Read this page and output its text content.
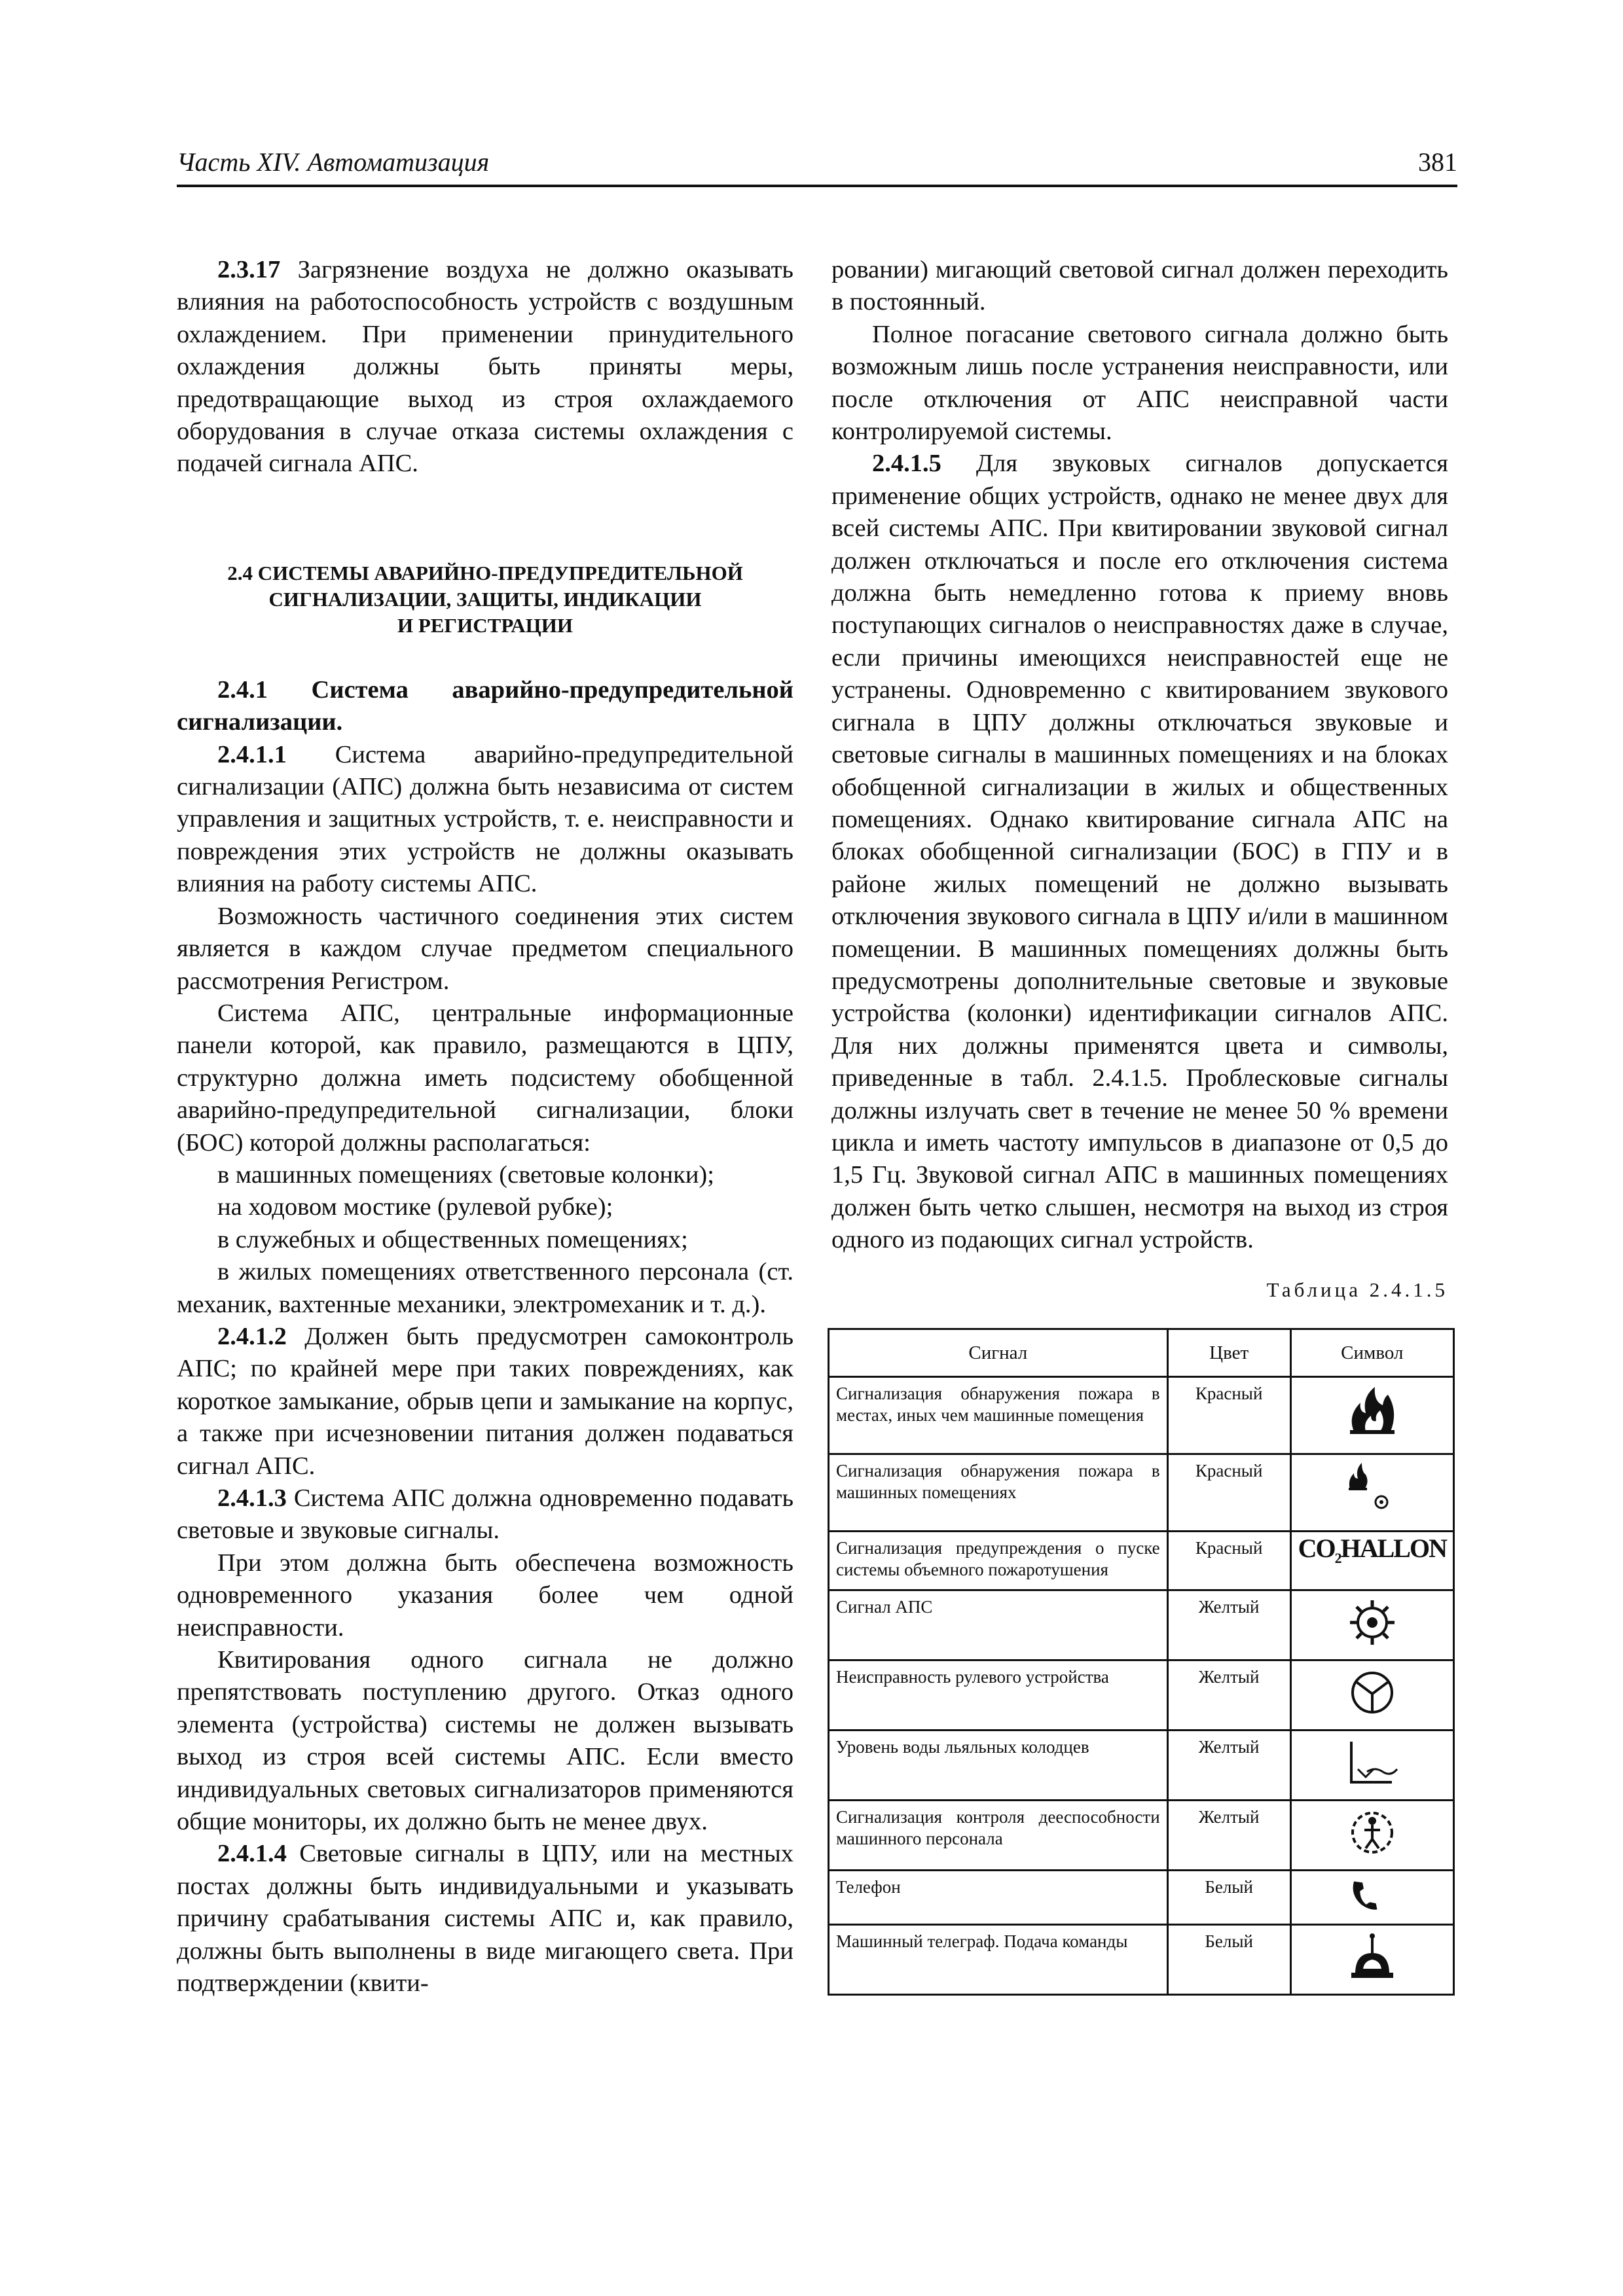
Часть XIV. Автоматизация	381

2.3.17 Загрязнение воздуха не должно оказывать влияния на работоспособность устройств с воздушным охлаждением. При применении принудительного охлаждения должны быть приняты меры, предотвращающие выход из строя охлаждаемого оборудования в случае отказа системы охлаждения с подачей сигнала АПС.

2.4 СИСТЕМЫ АВАРИЙНО-ПРЕДУПРЕДИТЕЛЬНОЙ
СИГНАЛИЗАЦИИ, ЗАЩИТЫ, ИНДИКАЦИИ
И РЕГИСТРАЦИИ

2.4.1 Система аварийно-предупредительной сигнализации.

2.4.1.1 Система аварийно-предупредительной сигнализации (АПС) должна быть независима от систем управления и защитных устройств, т. е. неисправности и повреждения этих устройств не должны оказывать влияния на работу системы АПС.

Возможность частичного соединения этих систем является в каждом случае предметом специального рассмотрения Регистром.

Система АПС, центральные информационные панели которой, как правило, размещаются в ЦПУ, структурно должна иметь подсистему обобщенной аварийно-предупредительной сигнализации, блоки (БОС) которой должны располагаться:

в машинных помещениях (световые колонки);

на ходовом мостике (рулевой рубке);

в служебных и общественных помещениях;

в жилых помещениях ответственного персонала (ст. механик, вахтенные механики, электромеханик и т. д.).

2.4.1.2 Должен быть предусмотрен самоконтроль АПС; по крайней мере при таких повреждениях, как короткое замыкание, обрыв цепи и замыкание на корпус, а также при исчезновении питания должен подаваться сигнал АПС.

2.4.1.3 Система АПС должна одновременно подавать световые и звуковые сигналы.

При этом должна быть обеспечена возможность одновременного указания более чем одной неисправности.

Квитирования одного сигнала не должно препятствовать поступлению другого. Отказ одного элемента (устройства) системы не должен вызывать выход из строя всей системы АПС. Если вместо индивидуальных световых сигнализаторов применяются общие мониторы, их должно быть не менее двух.

2.4.1.4 Световые сигналы в ЦПУ, или на местных постах должны быть индивидуальными и указывать причину срабатывания системы АПС и, как правило, должны быть выполнены в виде мигающего света. При подтверждении (квити-

ровании) мигающий световой сигнал должен переходить в постоянный.

Полное погасание светового сигнала должно быть возможным лишь после устранения неисправности, или после отключения от АПС неисправной части контролируемой системы.

2.4.1.5 Для звуковых сигналов допускается применение общих устройств, однако не менее двух для всей системы АПС. При квитировании звуковой сигнал должен отключаться и после его отключения система должна быть немедленно готова к приему вновь поступающих сигналов о неисправностях даже в случае, если причины имеющихся неисправностей еще не устранены. Одновременно с квитированием звукового сигнала в ЦПУ должны отключаться звуковые и световые сигналы в машинных помещениях и на блоках обобщенной сигнализации в жилых и общественных помещениях. Однако квитирование сигнала АПС на блоках обобщенной сигнализации (БОС) в ГПУ и в районе жилых помещений не должно вызывать отключения звукового сигнала в ЦПУ и/или в машинном помещении. В машинных помещениях должны быть предусмотрены дополнительные световые и звуковые устройства (колонки) идентификации сигналов АПС. Для них должны применятся цвета и символы, приведенные в табл. 2.4.1.5. Проблесковые сигналы должны излучать свет в течение не менее 50 % времени цикла и иметь частоту импульсов в диапазоне от 0,5 до 1,5 Гц. Звуковой сигнал АПС в машинных помещениях должен быть четко слышен, несмотря на выход из строя одного из подающих сигнал устройств.

Таблица 2.4.1.5
Сигнал	Цвет	Символ
Сигнализация обнаружения пожара в местах, иных чем машинные помещения	Красный	
Сигнализация обнаружения пожара в машинных помещениях	Красный	
Сигнализация предупреждения о пуске системы объемного пожаротушения	Красный	$CO_2HALLON$
Сигнал АПС	Желтый	
Неисправность рулевого устройства	Желтый	
Уровень воды льяльных колодцев	Желтый	
Сигнализация контроля дееспособности машинного персонала	Желтый	
Телефон	Белый	
Машинный телеграф. Подача команды	Белый	
